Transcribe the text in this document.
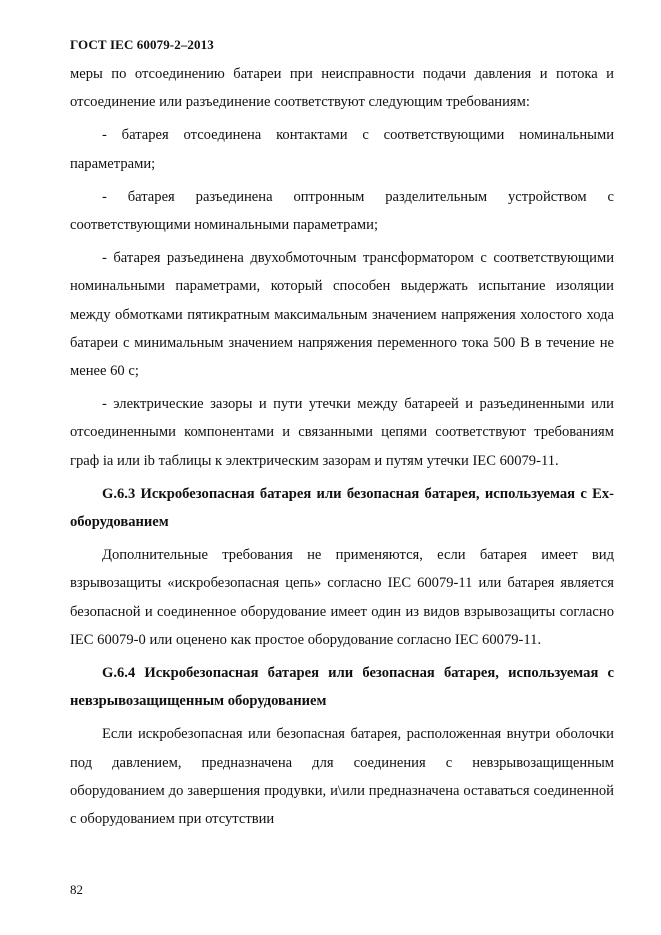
ГОСТ IEC 60079-2–2013

меры по отсоединению батареи при неисправности подачи давления и потока и отсоединение или разъединение соответствуют следующим требованиям:

- батарея отсоединена контактами с соответствующими номинальными параметрами;

- батарея разъединена оптронным разделительным устройством с соответствующими номинальными параметрами;

- батарея разъединена двухобмоточным трансформатором с соответствующими номинальными параметрами, который способен выдержать испытание изоляции между обмотками пятикратным максимальным значением напряжения холостого хода батареи с минимальным значением напряжения переменного тока 500 В в течение не менее 60 с;

- электрические зазоры и пути утечки между батареей и разъединенными или отсоединенными компонентами и связанными цепями соответствуют требованиям граф ia или ib таблицы к электрическим зазорам и путям утечки IEC 60079-11.

G.6.3 Искробезопасная батарея или безопасная батарея, используемая с Ex-оборудованием

Дополнительные требования не применяются, если батарея имеет вид взрывозащиты «искробезопасная цепь» согласно IEC 60079-11 или батарея является безопасной и соединенное оборудование имеет один из видов взрывозащиты согласно IEC 60079-0 или оценено как простое оборудование согласно IEC 60079-11.

G.6.4 Искробезопасная батарея или безопасная батарея, используемая с невзрывозащищенным оборудованием

Если искробезопасная или безопасная батарея, расположенная внутри оболочки под давлением, предназначена для соединения с невзрывозащищенным оборудованием до завершения продувки, и\или предназначена оставаться соединенной с оборудованием при отсутствии

82
